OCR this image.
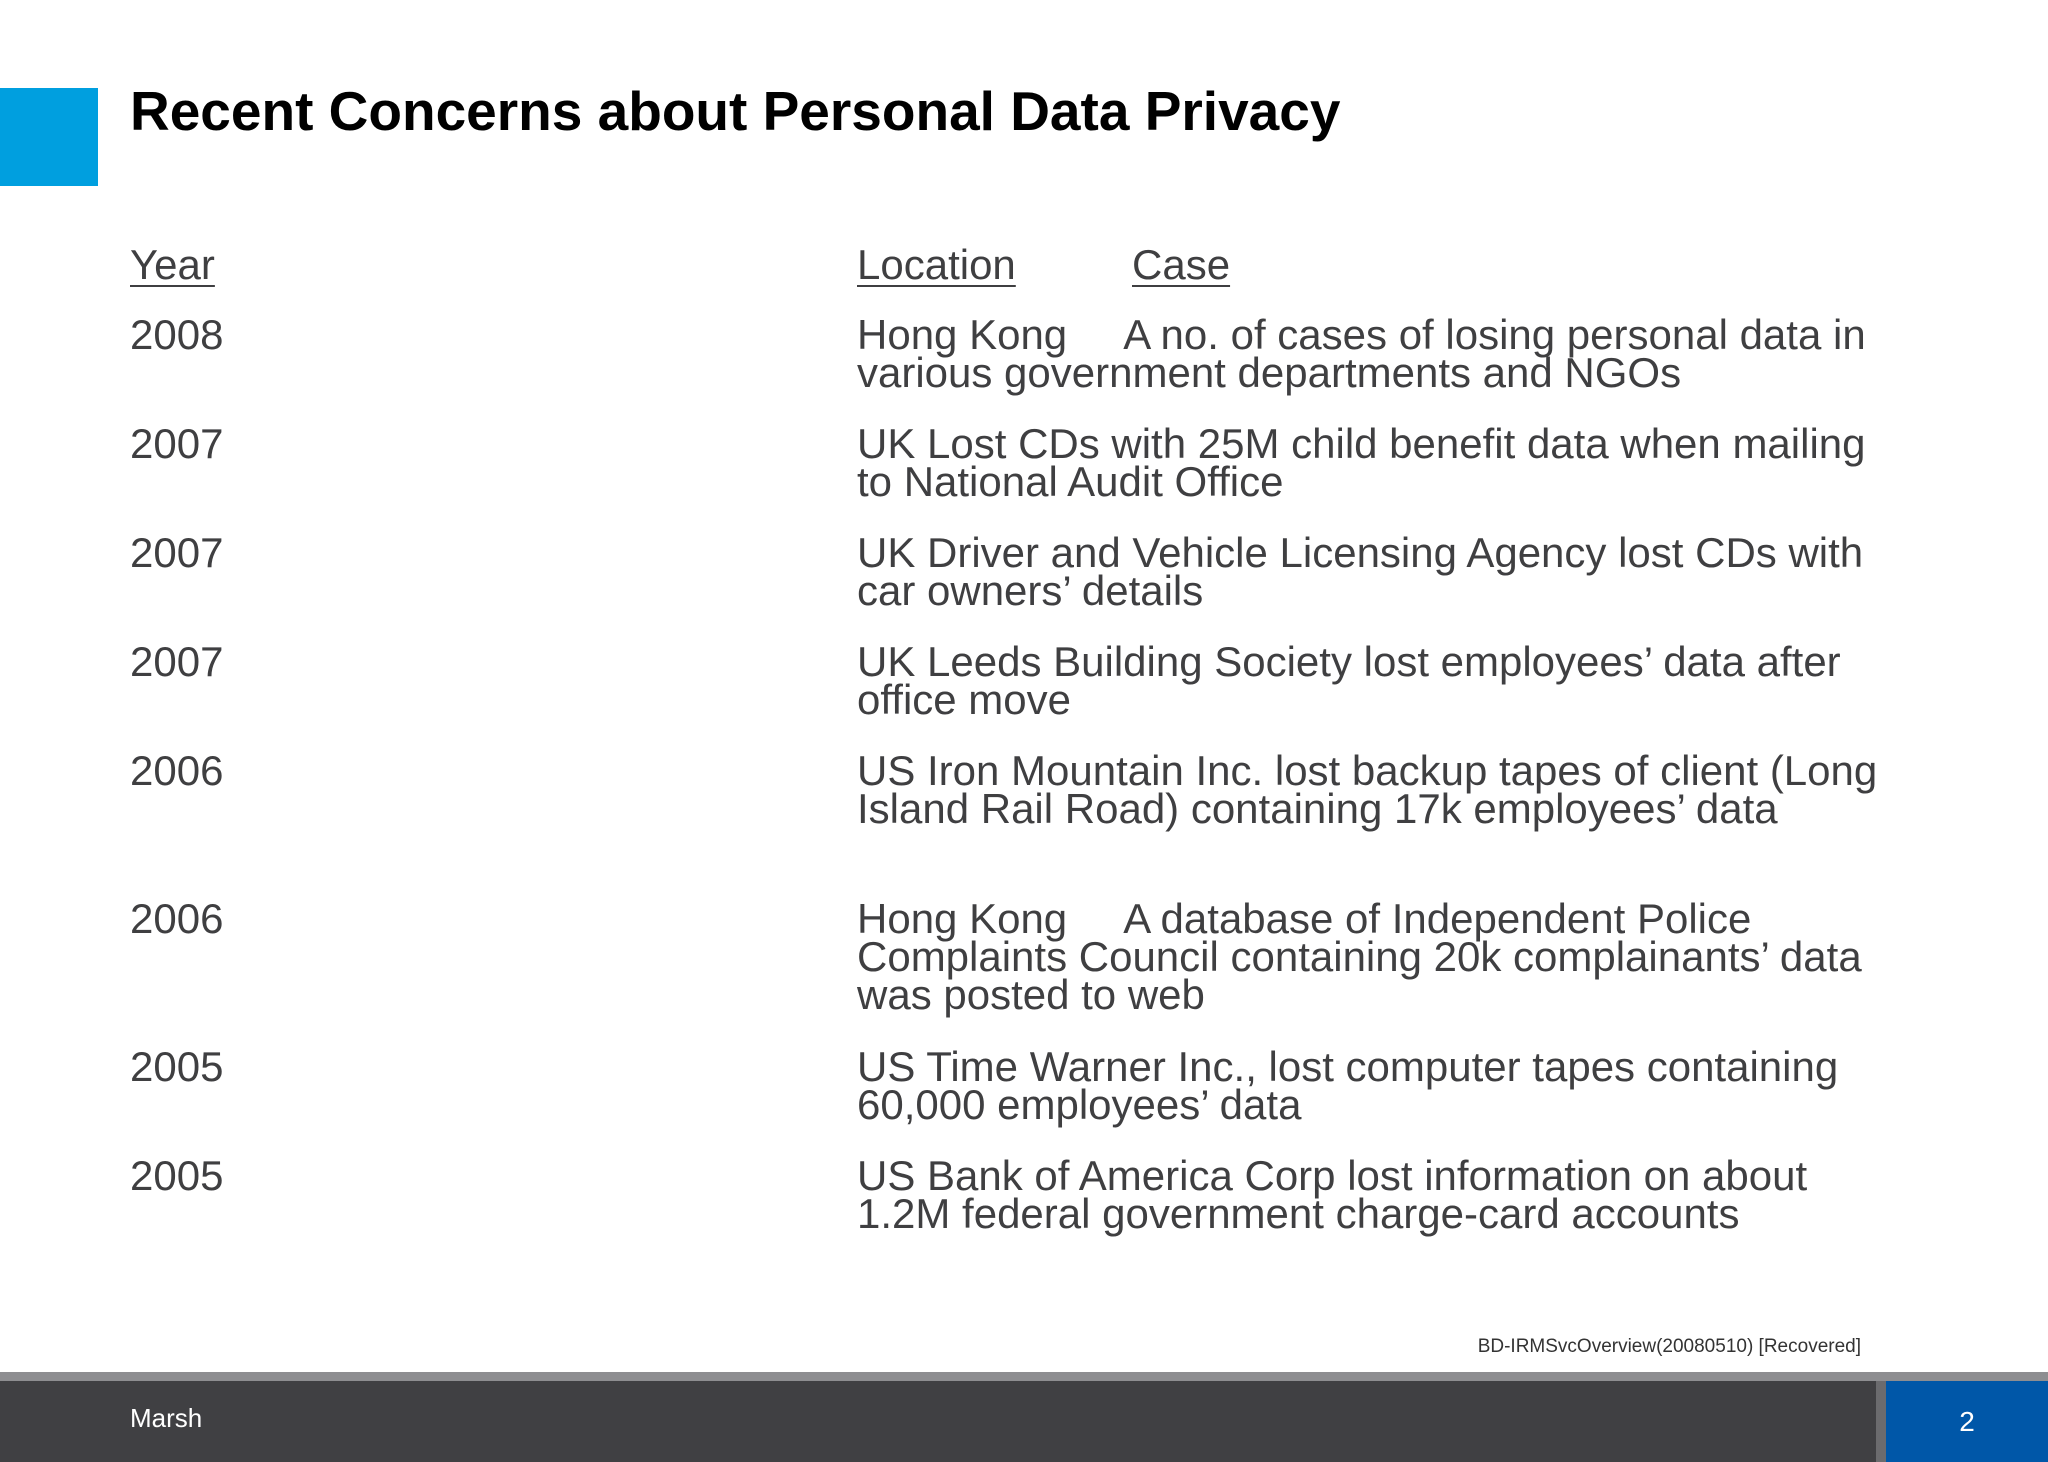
Recent Concerns about Personal Data Privacy
Year	Location	Case
2008	Hong Kong     A no. of cases of losing personal data in various government departments and NGOs
2007	UK Lost CDs with 25M child benefit data when mailing to National Audit Office
2007	UK Driver and Vehicle Licensing Agency lost CDs with car owners’ details
2007	UK Leeds Building Society lost employees’ data after office move
2006	US Iron Mountain Inc. lost backup tapes of client (Long Island Rail Road) containing 17k employees’ data
2006	Hong Kong     A database of Independent Police Complaints Council containing 20k complainants’ data was posted to web
2005	US Time Warner Inc., lost computer tapes containing 60,000 employees’ data
2005	US Bank of America Corp lost information on about 1.2M federal government charge-card accounts
BD-IRMSvcOverview(20080510) [Recovered]
Marsh	2
